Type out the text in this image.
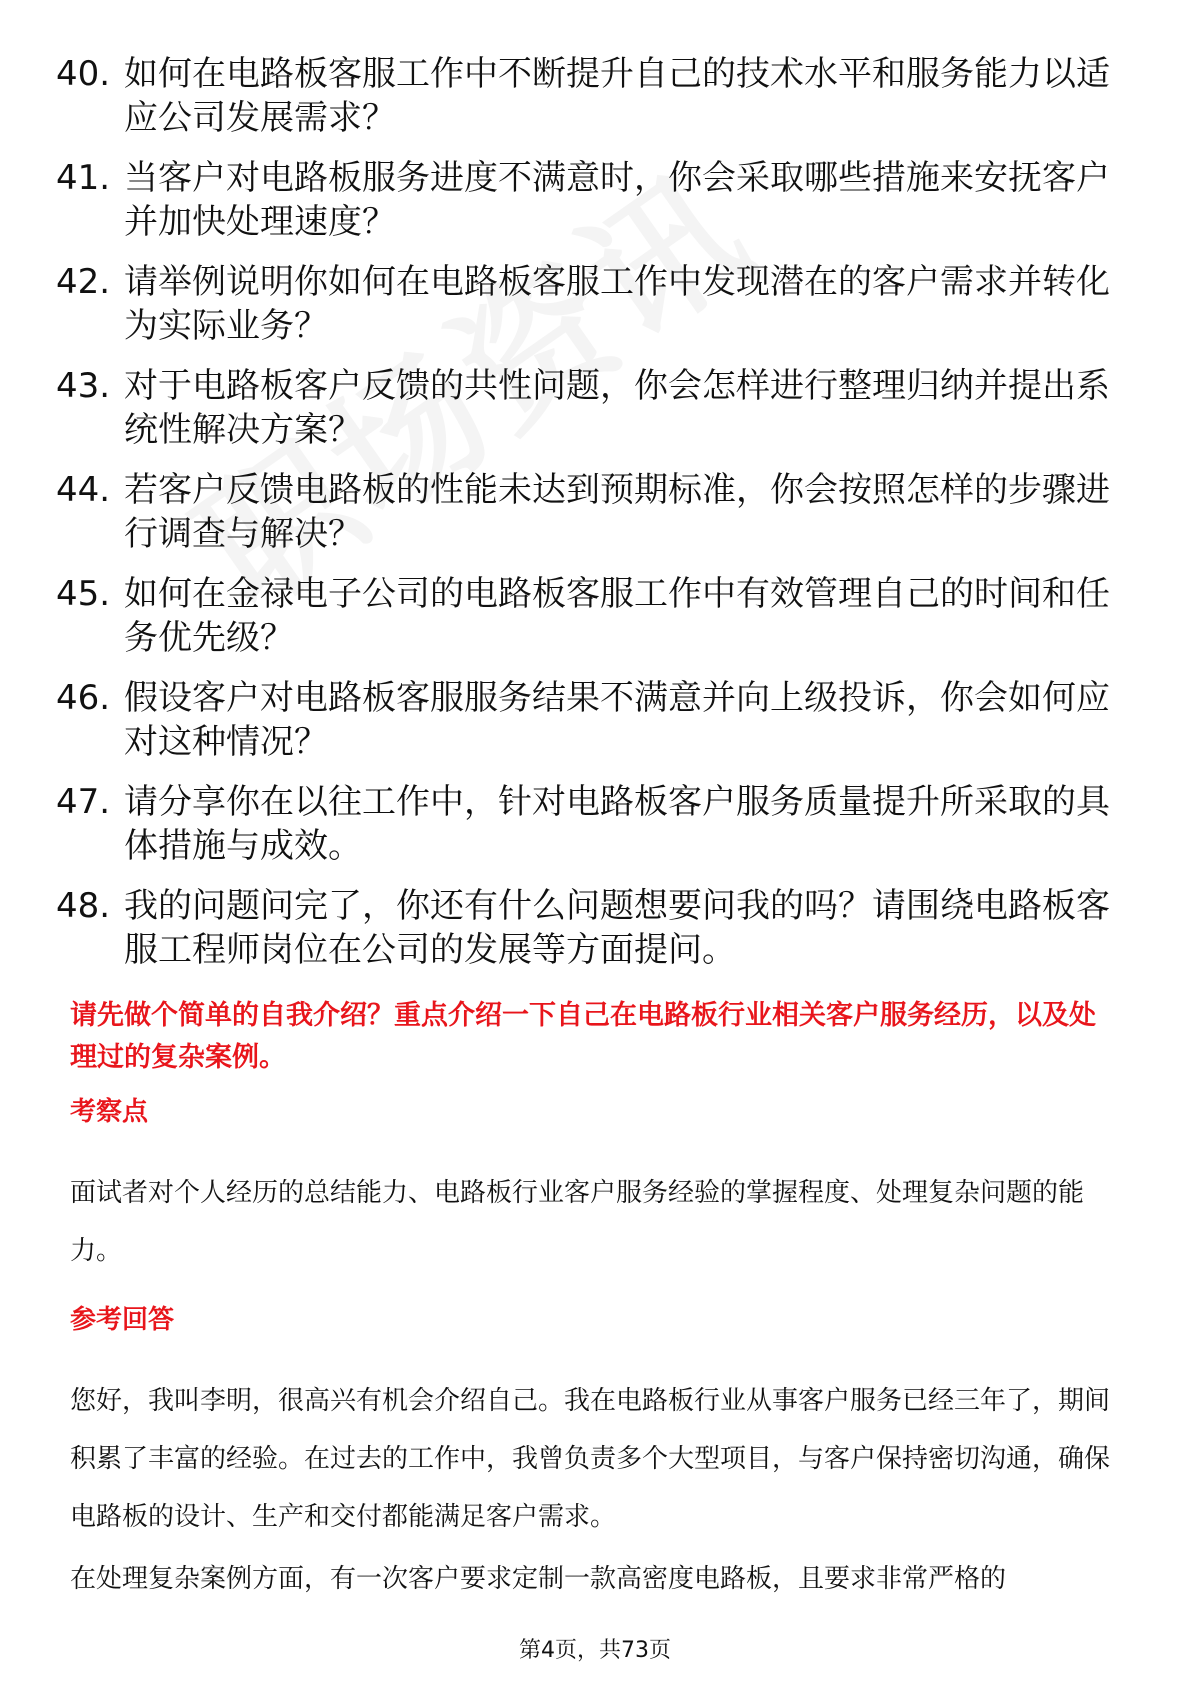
40. 如何在电路板客服工作中不断提升自己的技术水平和服务能力以适应公司发展需求？
41. 当客户对电路板服务进度不满意时，你会采取哪些措施来安抚客户并加快处理速度？
42. 请举例说明你如何在电路板客服工作中发现潜在的客户需求并转化为实际业务？
43. 对于电路板客户反馈的共性问题，你会怎样进行整理归纳并提出系统性解决方案？
44. 若客户反馈电路板的性能未达到预期标准，你会按照怎样的步骤进行调查与解决？
45. 如何在金禄电子公司的电路板客服工作中有效管理自己的时间和任务优先级？
46. 假设客户对电路板客服服务结果不满意并向上级投诉，你会如何应对这种情况？
47. 请分享你在以往工作中，针对电路板客户服务质量提升所采取的具体措施与成效。
48. 我的问题问完了，你还有什么问题想要问我的吗？请围绕电路板客服工程师岗位在公司的发展等方面提问。
请先做个简单的自我介绍？重点介绍一下自己在电路板行业相关客户服务经历，以及处理过的复杂案例。
考察点
面试者对个人经历的总结能力、电路板行业客户服务经验的掌握程度、处理复杂问题的能力。
参考回答
您好，我叫李明，很高兴有机会介绍自己。我在电路板行业从事客户服务已经三年了，期间积累了丰富的经验。在过去的工作中，我曾负责多个大型项目，与客户保持密切沟通，确保电路板的设计、生产和交付都能满足客户需求。
在处理复杂案例方面，有一次客户要求定制一款高密度电路板，且要求非常严格的
第4页，共73页
